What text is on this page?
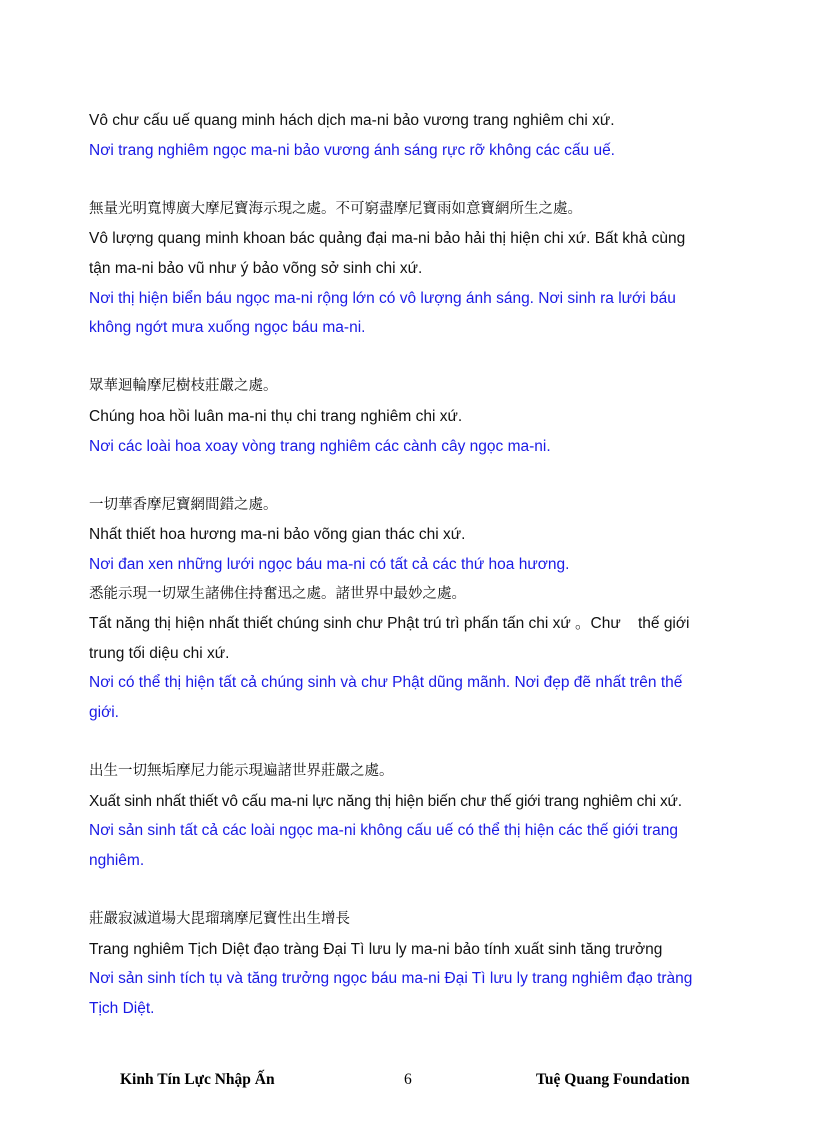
Vô chư cấu uế quang minh hách dịch ma-ni bảo vương trang nghiêm chi xứ.
Nơi trang nghiêm ngọc ma-ni bảo vương ánh sáng rực rỡ không các cấu uế.
無量光明寬博廣大摩尼寶海示現之處。不可窮盡摩尼寶雨如意寶網所生之處。
Vô lượng quang minh khoan bác quảng đại ma-ni bảo hải thị hiện chi xứ. Bất khả cùng
tận ma-ni bảo vũ như ý bảo võng sở sinh chi xứ.
Nơi thị hiện biển báu ngọc ma-ni rộng lớn có vô lượng ánh sáng. Nơi sinh ra lưới báu
không ngớt mưa xuống ngọc báu ma-ni.
眾華迴輪摩尼樹枝莊嚴之處。
Chúng hoa hồi luân ma-ni thụ chi trang nghiêm chi xứ.
Nơi các loài hoa xoay vòng trang nghiêm các cành cây ngọc ma-ni.
一切華香摩尼寶網間錯之處。
Nhất thiết hoa hương ma-ni bảo võng gian thác chi xứ.
Nơi đan xen những lưới ngọc báu ma-ni có tất cả các thứ hoa hương.
悉能示現一切眾生諸佛住持奮迅之處。諸世界中最妙之處。
Tất năng thị hiện nhất thiết chúng sinh chư Phật trú trì phấn tấn chi xứ 。Chư    thế giới
trung tối diệu chi xứ.
Nơi có thể thị hiện tất cả chúng sinh và chư Phật dũng mãnh. Nơi đẹp đẽ nhất trên thế
giới.
出生一切無垢摩尼力能示現遍諸世界莊嚴之處。
Xuất sinh nhất thiết vô cấu ma-ni lực năng thị hiện biến chư thế giới trang nghiêm chi xứ.
Nơi sản sinh tất cả các loài ngọc ma-ni không cấu uế có thể thị hiện các thế giới trang
nghiêm.
莊嚴寂滅道場大毘瑠璃摩尼寶性出生增長
Trang nghiêm Tịch Diệt đạo tràng Đại Tì lưu ly ma-ni bảo tính xuất sinh tăng trưởng
Nơi sản sinh tích tụ và tăng trưởng ngọc báu ma-ni Đại Tì lưu ly trang nghiêm đạo tràng
Tịch Diệt.
Kinh Tín Lực Nhập Ấn	6	Tuệ Quang Foundation
